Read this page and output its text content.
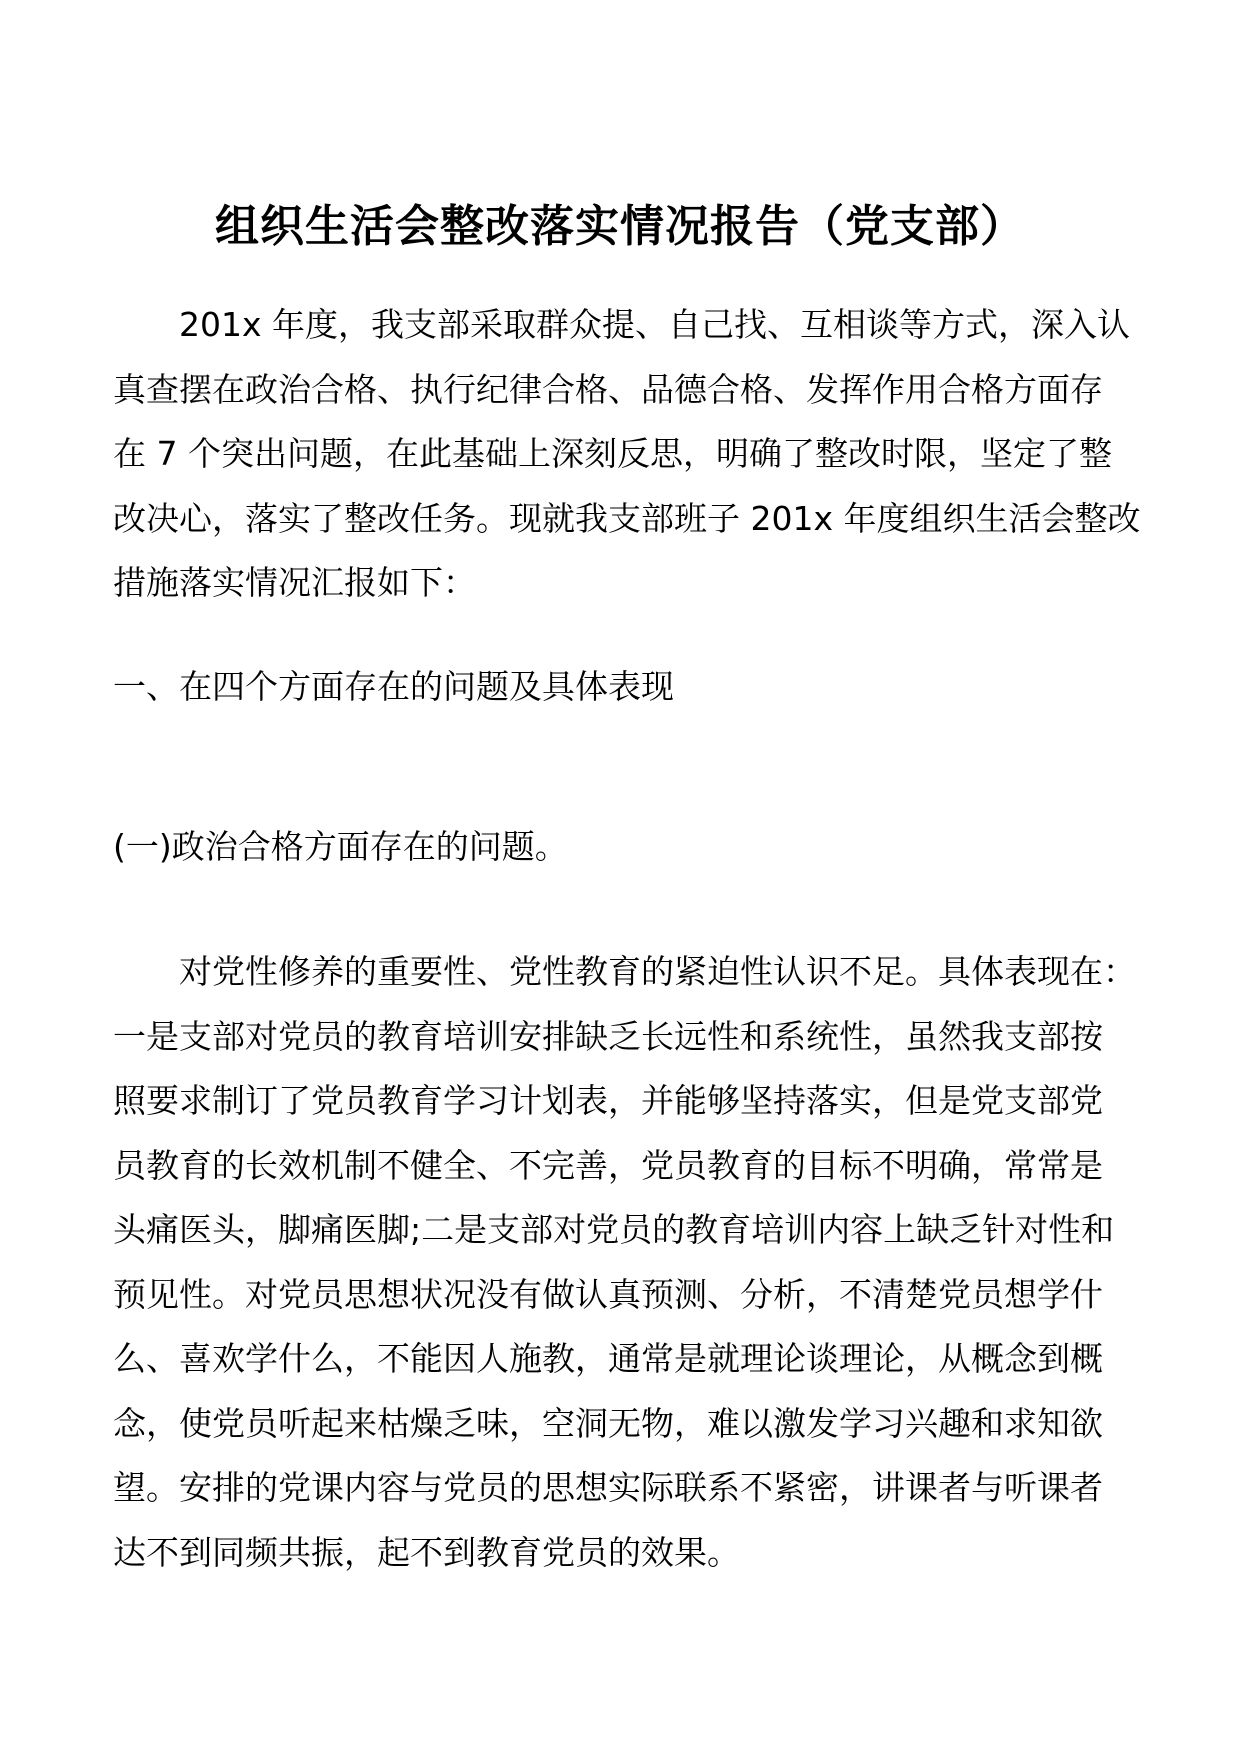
组织生活会整改落实情况报告（党支部）
201x 年度，我支部采取群众提、自己找、互相谈等方式，深入认
真查摆在政治合格、执行纪律合格、品德合格、发挥作用合格方面存
在 7 个突出问题，在此基础上深刻反思，明确了整改时限，坚定了整
改决心，落实了整改任务。现就我支部班子 201x 年度组织生活会整改
措施落实情况汇报如下：
一、在四个方面存在的问题及具体表现
(一)政治合格方面存在的问题。
对党性修养的重要性、党性教育的紧迫性认识不足。具体表现在：
一是支部对党员的教育培训安排缺乏长远性和系统性，虽然我支部按
照要求制订了党员教育学习计划表，并能够坚持落实，但是党支部党
员教育的长效机制不健全、不完善，党员教育的目标不明确，常常是
头痛医头，脚痛医脚;二是支部对党员的教育培训内容上缺乏针对性和
预见性。对党员思想状况没有做认真预测、分析，不清楚党员想学什
么、喜欢学什么，不能因人施教，通常是就理论谈理论，从概念到概
念，使党员听起来枯燥乏味，空洞无物，难以激发学习兴趣和求知欲
望。安排的党课内容与党员的思想实际联系不紧密，讲课者与听课者
达不到同频共振，起不到教育党员的效果。
